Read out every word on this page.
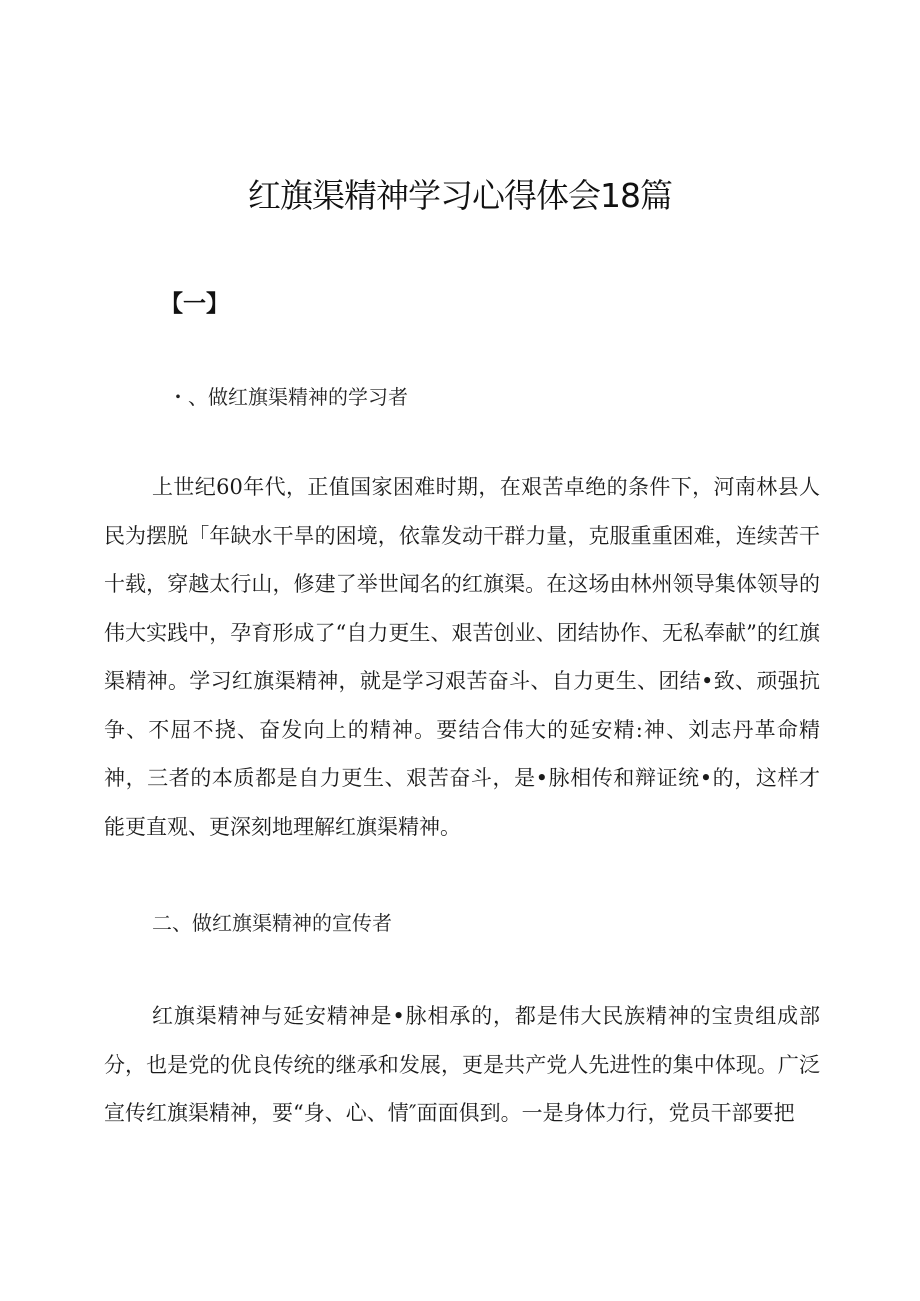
红旗渠精神学习心得体会18篇
【一】
・、做红旗渠精神的学习者

上世纪60年代，正值国家困难时期，在艰苦卓绝的条件下，河南林县人民为摆脱「年缺水干旱的困境，依靠发动干群力量，克服重重困难，连续苦干十载，穿越太行山，修建了举世闻名的红旗渠。在这场由林州领导集体领导的伟大实践中，孕育形成了“自力更生、艰苦创业、团结协作、无私奉献”的红旗渠精神。学习红旗渠精神，就是学习艰苦奋斗、自力更生、团结•致、顽强抗争、不屈不挠、奋发向上的精神。要结合伟大的延安精:神、刘志丹革命精神，三者的本质都是自力更生、艰苦奋斗，是•脉相传和辩证统•的，这样才能更直观、更深刻地理解红旗渠精神。

二、做红旗渠精神的宣传者

红旗渠精神与延安精神是•脉相承的，都是伟大民族精神的宝贵组成部分，也是党的优良传统的继承和发展，更是共产党人先进性的集中体现。广泛宣传红旗渠精神，要“身、心、情″面面俱到。一是身体力行，党员干部要把
